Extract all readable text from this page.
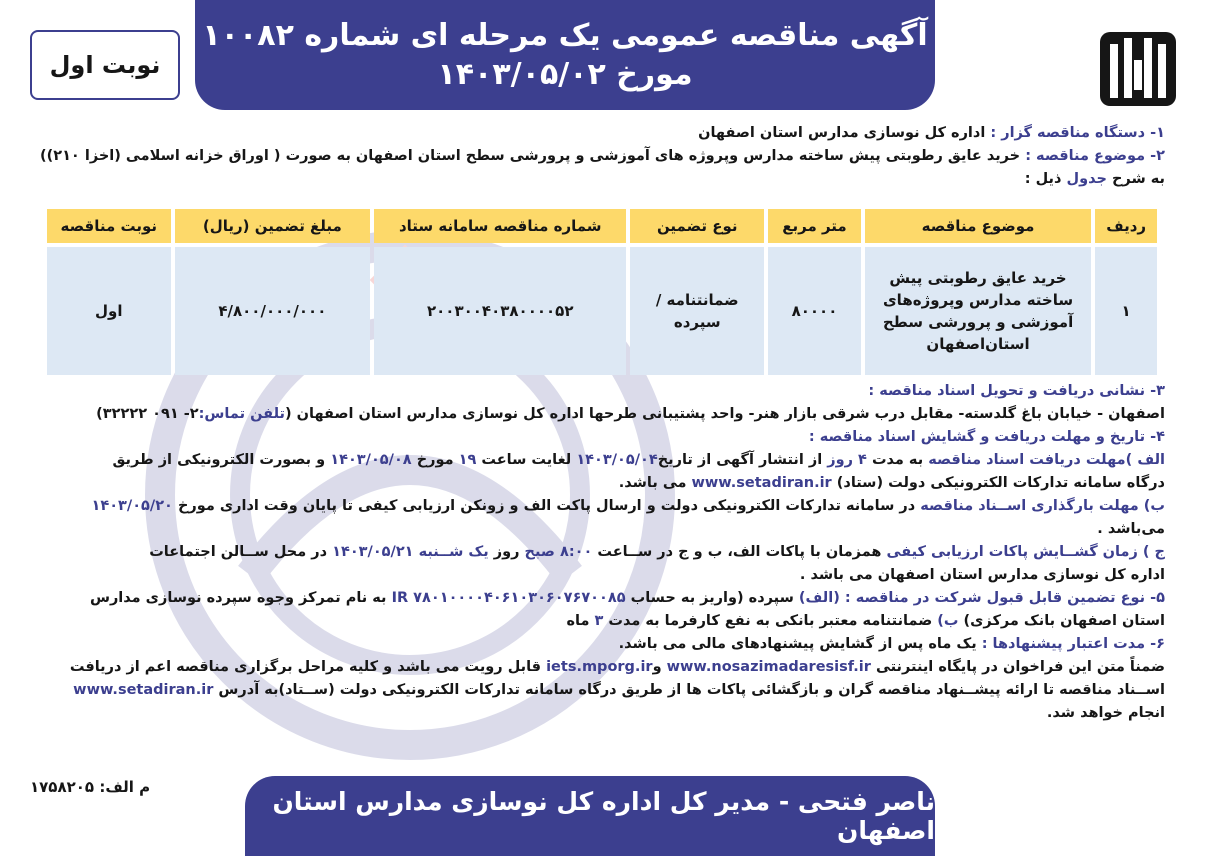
آگهی مناقصه عمومی یک مرحله ای شماره ۱۰۰۸۲
مورخ ۱۴۰۳/۰۵/۰۲
نوبت اول
۱- دستگاه مناقصه گزار : اداره کل نوسازی مدارس استان اصفهان
۲- موضوع مناقصه : خرید عایق رطوبتی پیش ساخته مدارس وپروژه های آموزشی و پرورشی سطح استان اصفهان به صورت ( اوراق خزانه اسلامی (اخزا ۲۱۰))
به شرح جدول ذیل :
ردیف	موضوع مناقصه	متر مربع	نوع تضمین	شماره مناقصه سامانه ستاد	مبلغ تضمین (ریال)	نوبت مناقصه
۱	خرید عایق رطوبتی پیش ساخته مدارس وپروژه‌های آموزشی و پرورشی سطح استان‌اصفهان	۸۰۰۰۰	ضمانتنامه / سپرده	۲۰۰۳۰۰۴۰۳۸۰۰۰۰۵۲	۴/۸۰۰/۰۰۰/۰۰۰	اول
۳- نشانی دریافت و تحویل اسناد مناقصه :
اصفهان - خیابان باغ گلدسته- مقابل درب شرقی بازار هنر- واحد پشتیبانی طرحها اداره کل نوسازی مدارس استان اصفهان (تلفن تماس:۲- ۰۹۱ ۳۲۲۲۲)
۴- تاریخ و مهلت دریافت و گشایش اسناد مناقصه :
الف )مهلت دریافت اسناد مناقصه به مدت ۴ روز از انتشار آگهی از تاریخ۱۴۰۳/۰۵/۰۴ لغایت ساعت ۱۹ مورخ ۱۴۰۳/۰۵/۰۸ و بصورت الکترونیکی از طریق
درگاه سامانه تدارکات الکترونیکی دولت (ستاد) www.setadiran.ir می باشد.
ب) مهلت بارگذاری اســناد مناقصه در سامانه تدارکات الکترونیکی دولت و ارسال پاکت الف و زونکن ارزیابی کیفی تا پایان وقت اداری مورخ ۱۴۰۳/۰۵/۲۰
می‌باشد .
ج ) زمان گشــایش پاکات ارزیابی کیفی همزمان با پاکات الف، ب و ج در ســاعت ۸:۰۰ صبح روز یک شــنبه ۱۴۰۳/۰۵/۲۱ در محل ســالن اجتماعات
اداره کل نوسازی مدارس استان اصفهان می باشد .
۵- نوع تضمین قابل قبول شرکت در مناقصه : (الف) سپرده (واریز به حساب IR ۷۸۰۱۰۰۰۰۴۰۶۱۰۳۰۶۰۷۶۷۰۰۸۵ به نام تمرکز وجوه سپرده نوسازی مدارس
استان اصفهان بانک مرکزی) ب) ضمانتنامه معتبر بانکی به نفع کارفرما به مدت ۳ ماه
۶- مدت اعتبار پیشنهادها : یک ماه پس از گشایش پیشنهادهای مالی می باشد.
ضمناً متن این فراخوان در پایگاه اینترنتی www.nosazimadaresisf.ir وiets.mporg.ir قابل رویت می باشد و کلیه مراحل برگزاری مناقصه اعم از دریافت
اســناد مناقصه تا ارائه پیشــنهاد مناقصه گران و بازگشائی پاکات ها از طریق درگاه سامانه تدارکات الکترونیکی دولت (ســتاد)به آدرس www.setadiran.ir
انجام خواهد شد.
م الف: ۱۷۵۸۲۰۵	ناصر فتحی - مدیر کل اداره کل نوسازی مدارس استان اصفهان
